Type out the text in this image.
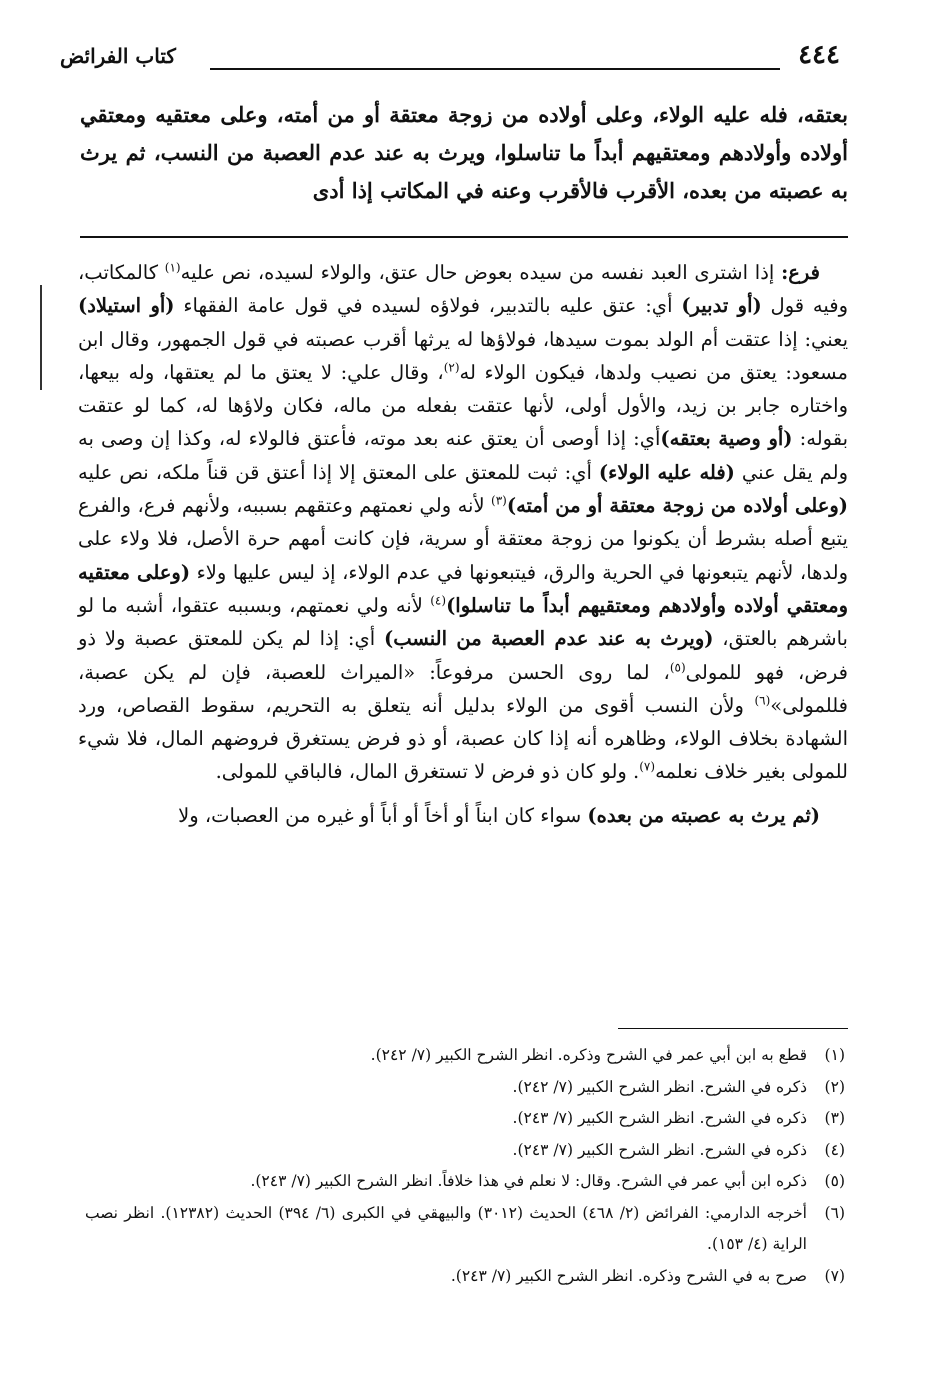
٤٤٤
كتاب الفرائض
بعتقه، فله عليه الولاء، وعلى أولاده من زوجة معتقة أو من أمته، وعلى معتقيه ومعتقي أولاده وأولادهم ومعتقيهم أبداً ما تناسلوا، ويرث به عند عدم العصبة من النسب، ثم يرث به عصبته من بعده، الأقرب فالأقرب وعنه في المكاتب إذا أدى

فرع: إذا اشترى العبد نفسه من سيده بعوض حال عتق، والولاء لسيده، نص عليه$^{(١)}$ كالمكاتب، وفيه قول (أو تدبير) أي: عتق عليه بالتدبير، فولاؤه لسيده في قول عامة الفقهاء (أو استيلاد) يعني: إذا عتقت أم الولد بموت سيدها، فولاؤها له يرثها أقرب عصبته في قول الجمهور، وقال ابن مسعود: يعتق من نصيب ولدها، فيكون الولاء له$^{(٢)}$، وقال علي: لا يعتق ما لم يعتقها، وله بيعها، واختاره جابر بن زيد، والأول أولى، لأنها عتقت بفعله من ماله، فكان ولاؤها له، كما لو عتقت بقوله: (أو وصية بعتقه)أي: إذا أوصى أن يعتق عنه بعد موته، فأعتق فالولاء له، وكذا إن وصى به ولم يقل عني (فله عليه الولاء) أي: ثبت للمعتق على المعتق إلا إذا أعتق قن قناً ملكه، نص عليه (وعلى أولاده من زوجة معتقة أو من أمته)$^{(٣)}$ لأنه ولي نعمتهم وعتقهم بسببه، ولأنهم فرع، والفرع يتبع أصله بشرط أن يكونوا من زوجة معتقة أو سرية، فإن كانت أمهم حرة الأصل، فلا ولاء على ولدها، لأنهم يتبعونها في الحرية والرق، فيتبعونها في عدم الولاء، إذ ليس عليها ولاء (وعلى معتقيه ومعتقي أولاده وأولادهم ومعتقيهم أبداً ما تناسلوا)$^{(٤)}$ لأنه ولي نعمتهم، وبسببه عتقوا، أشبه ما لو باشرهم بالعتق، (ويرث به عند عدم العصبة من النسب) أي: إذا لم يكن للمعتق عصبة ولا ذو فرض، فهو للمولى$^{(٥)}$، لما روى الحسن مرفوعاً: «الميراث للعصبة، فإن لم يكن عصبة، فللمولى»$^{(٦)}$ ولأن النسب أقوى من الولاء بدليل أنه يتعلق به التحريم، سقوط القصاص، ورد الشهادة بخلاف الولاء، وظاهره أنه إذا كان عصبة، أو ذو فرض يستغرق فروضهم المال، فلا شيء للمولى بغير خلاف نعلمه$^{(٧)}$. ولو كان ذو فرض لا تستغرق المال، فالباقي للمولى.

(ثم يرث به عصبته من بعده) سواء كان ابناً أو أخاً أو أباً أو غيره من العصبات، ولا

(١)
قطع به ابن أبي عمر في الشرح وذكره. انظر الشرح الكبير (٧/ ٢٤٢).
(٢)
ذكره في الشرح. انظر الشرح الكبير (٧/ ٢٤٢).
(٣)
ذكره في الشرح. انظر الشرح الكبير (٧/ ٢٤٣).
(٤)
ذكره في الشرح. انظر الشرح الكبير (٧/ ٢٤٣).
(٥)
ذكره ابن أبي عمر في الشرح. وقال: لا نعلم في هذا خلافاً. انظر الشرح الكبير (٧/ ٢٤٣).
(٦)
أخرجه الدارمي: الفرائض (٢/ ٤٦٨) الحديث (٣٠١٢) والبيهقي في الكبرى (٦/ ٣٩٤) الحديث (١٢٣٨٢). انظر نصب الراية (٤/ ١٥٣).
(٧)
صرح به في الشرح وذكره. انظر الشرح الكبير (٧/ ٢٤٣).
